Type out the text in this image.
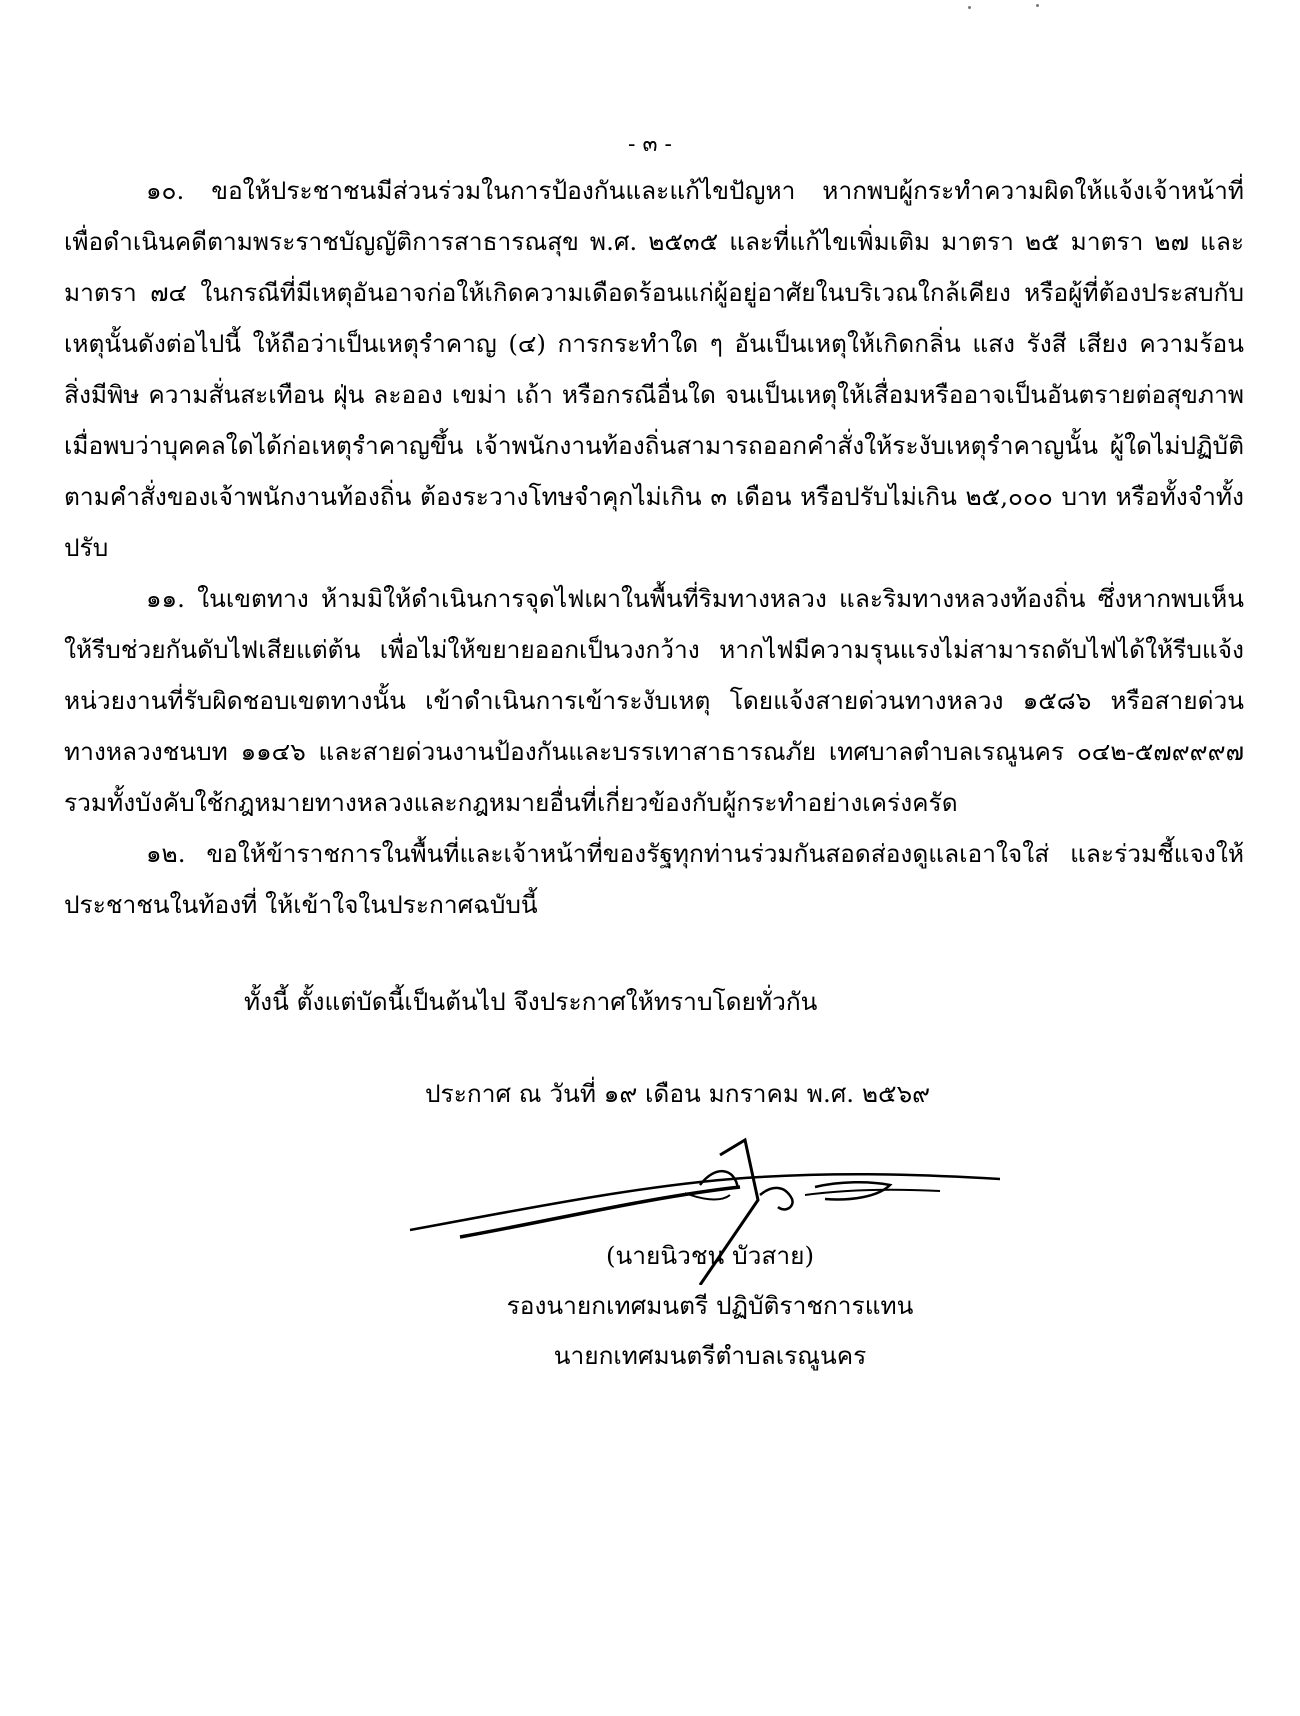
- ๓ -

๑๐. ขอให้ประชาชนมีส่วนร่วมในการป้องกันและแก้ไขปัญหา หากพบผู้กระทำความผิดให้แจ้งเจ้าหน้าที่เพื่อดำเนินคดีตามพระราชบัญญัติการสาธารณสุข พ.ศ. ๒๕๓๕ และที่แก้ไขเพิ่มเติม มาตรา ๒๕ มาตรา ๒๗ และมาตรา ๗๔ ในกรณีที่มีเหตุอันอาจก่อให้เกิดความเดือดร้อนแก่ผู้อยู่อาศัยในบริเวณใกล้เคียง หรือผู้ที่ต้องประสบกับเหตุนั้นดังต่อไปนี้ ให้ถือว่าเป็นเหตุรำคาญ (๔) การกระทำใด ๆ อันเป็นเหตุให้เกิดกลิ่น แสง รังสี เสียง ความร้อน สิ่งมีพิษ ความสั่นสะเทือน ฝุ่น ละออง เขม่า เถ้า หรือกรณีอื่นใด จนเป็นเหตุให้เสื่อมหรืออาจเป็นอันตรายต่อสุขภาพ เมื่อพบว่าบุคคลใดได้ก่อเหตุรำคาญขึ้น เจ้าพนักงานท้องถิ่นสามารถออกคำสั่งให้ระงับเหตุรำคาญนั้น ผู้ใดไม่ปฏิบัติตามคำสั่งของเจ้าพนักงานท้องถิ่น ต้องระวางโทษจำคุกไม่เกิน ๓ เดือน หรือปรับไม่เกิน ๒๕,๐๐๐ บาท หรือทั้งจำทั้งปรับ

๑๑. ในเขตทาง ห้ามมิให้ดำเนินการจุดไฟเผาในพื้นที่ริมทางหลวง และริมทางหลวงท้องถิ่น ซึ่งหากพบเห็นให้รีบช่วยกันดับไฟเสียแต่ต้น เพื่อไม่ให้ขยายออกเป็นวงกว้าง หากไฟมีความรุนแรงไม่สามารถดับไฟได้ให้รีบแจ้งหน่วยงานที่รับผิดชอบเขตทางนั้น เข้าดำเนินการเข้าระงับเหตุ โดยแจ้งสายด่วนทางหลวง ๑๕๘๖ หรือสายด่วนทางหลวงชนบท ๑๑๔๖ และสายด่วนงานป้องกันและบรรเทาสาธารณภัย เทศบาลตำบลเรณูนคร ๐๔๒-๕๗๙๙๙๗ รวมทั้งบังคับใช้กฎหมายทางหลวงและกฎหมายอื่นที่เกี่ยวข้องกับผู้กระทำอย่างเคร่งครัด

๑๒. ขอให้ข้าราชการในพื้นที่และเจ้าหน้าที่ของรัฐทุกท่านร่วมกันสอดส่องดูแลเอาใจใส่ และร่วมชี้แจงให้ประชาชนในท้องที่ ให้เข้าใจในประกาศฉบับนี้

ทั้งนี้ ตั้งแต่บัดนี้เป็นต้นไป จึงประกาศให้ทราบโดยทั่วกัน
ประกาศ ณ วันที่ ๑๙ เดือน มกราคม พ.ศ. ๒๕๖๙
(นายนิวชน บัวสาย)
รองนายกเทศมนตรี ปฏิบัติราชการแทน
นายกเทศมนตรีตำบลเรณูนคร
